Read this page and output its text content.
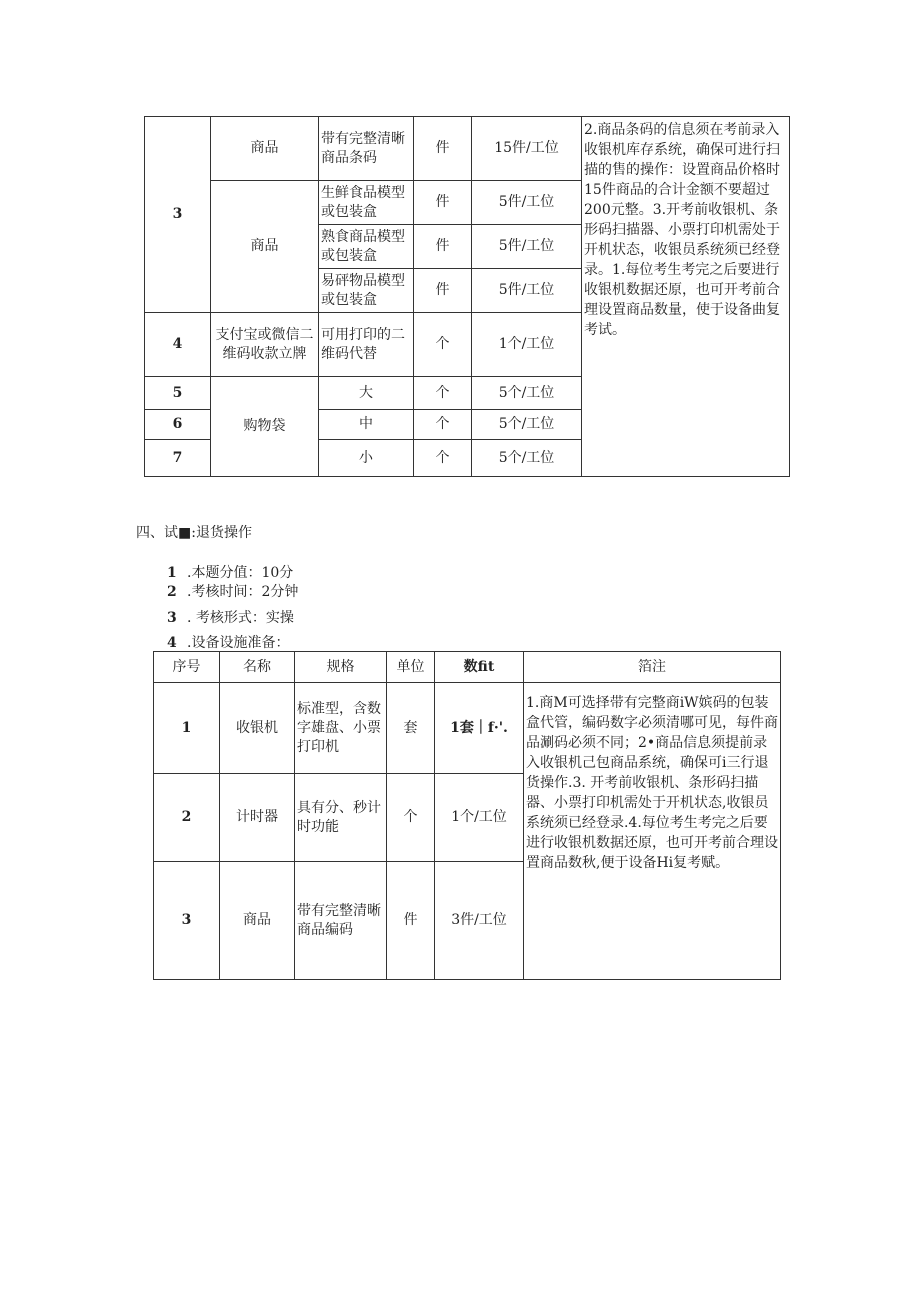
3	商品	带有完整清晰商品条码	件	15件/工位	2.商品条码的信息须在考前录入收银机库存系统，确保可进行扫描的售的操作：设置商品价格时15件商品的合计金额不要超过200元整。3.开考前收银机、条形码扫描器、小票打印机需处于开机状态，收银员系统须已经登录。1.每位考生考完之后要进行收银机数据还原，也可开考前合理设置商品数量，使于设备曲复考试。
	商品	生鲜食品模型或包装盒	件	5件/工位	
		熟食商品模型或包装盒	件	5件/工位	
		易砰物品模型或包装盒	件	5件/工位	
4	支付宝或微信二维码收款立牌	可用打印的二维码代替	个	1个/工位	
5	购物袋	大	个	5个/工位	
6		中	个	5个/工位	
7		小	个	5个/工位	
四、试■:退货操作
1 .本题分值：10分
2 .考核时间：2分钟
3 . 考核形式：实操
4 .设备设施准备：
序号	名称	规格	单位	数fit	箔注
1	收银机	标准型，含数字雄盘、小票打印机	套	1套｜f·'.	1.商M可选择带有完整商iW嫔码的包装盒代管，编码数字必须清哪可见，每件商品涮码必须不同；2•商品信息须提前录入收银机己包商品系统，确保可i三行退货操作.3. 开考前收银机、条形码扫描器、小票打印机需处于开机状态,收银员系统须已经登录.4.每位考生考完之后要进行收银机数据还原，也可开考前合理设置商品数秋,便于设备Hi复考赋。
2	计时器	具有分、秒计时功能	个	1个/工位	
3	商品	带有完整清晰商品编码	件	3件/工位	
